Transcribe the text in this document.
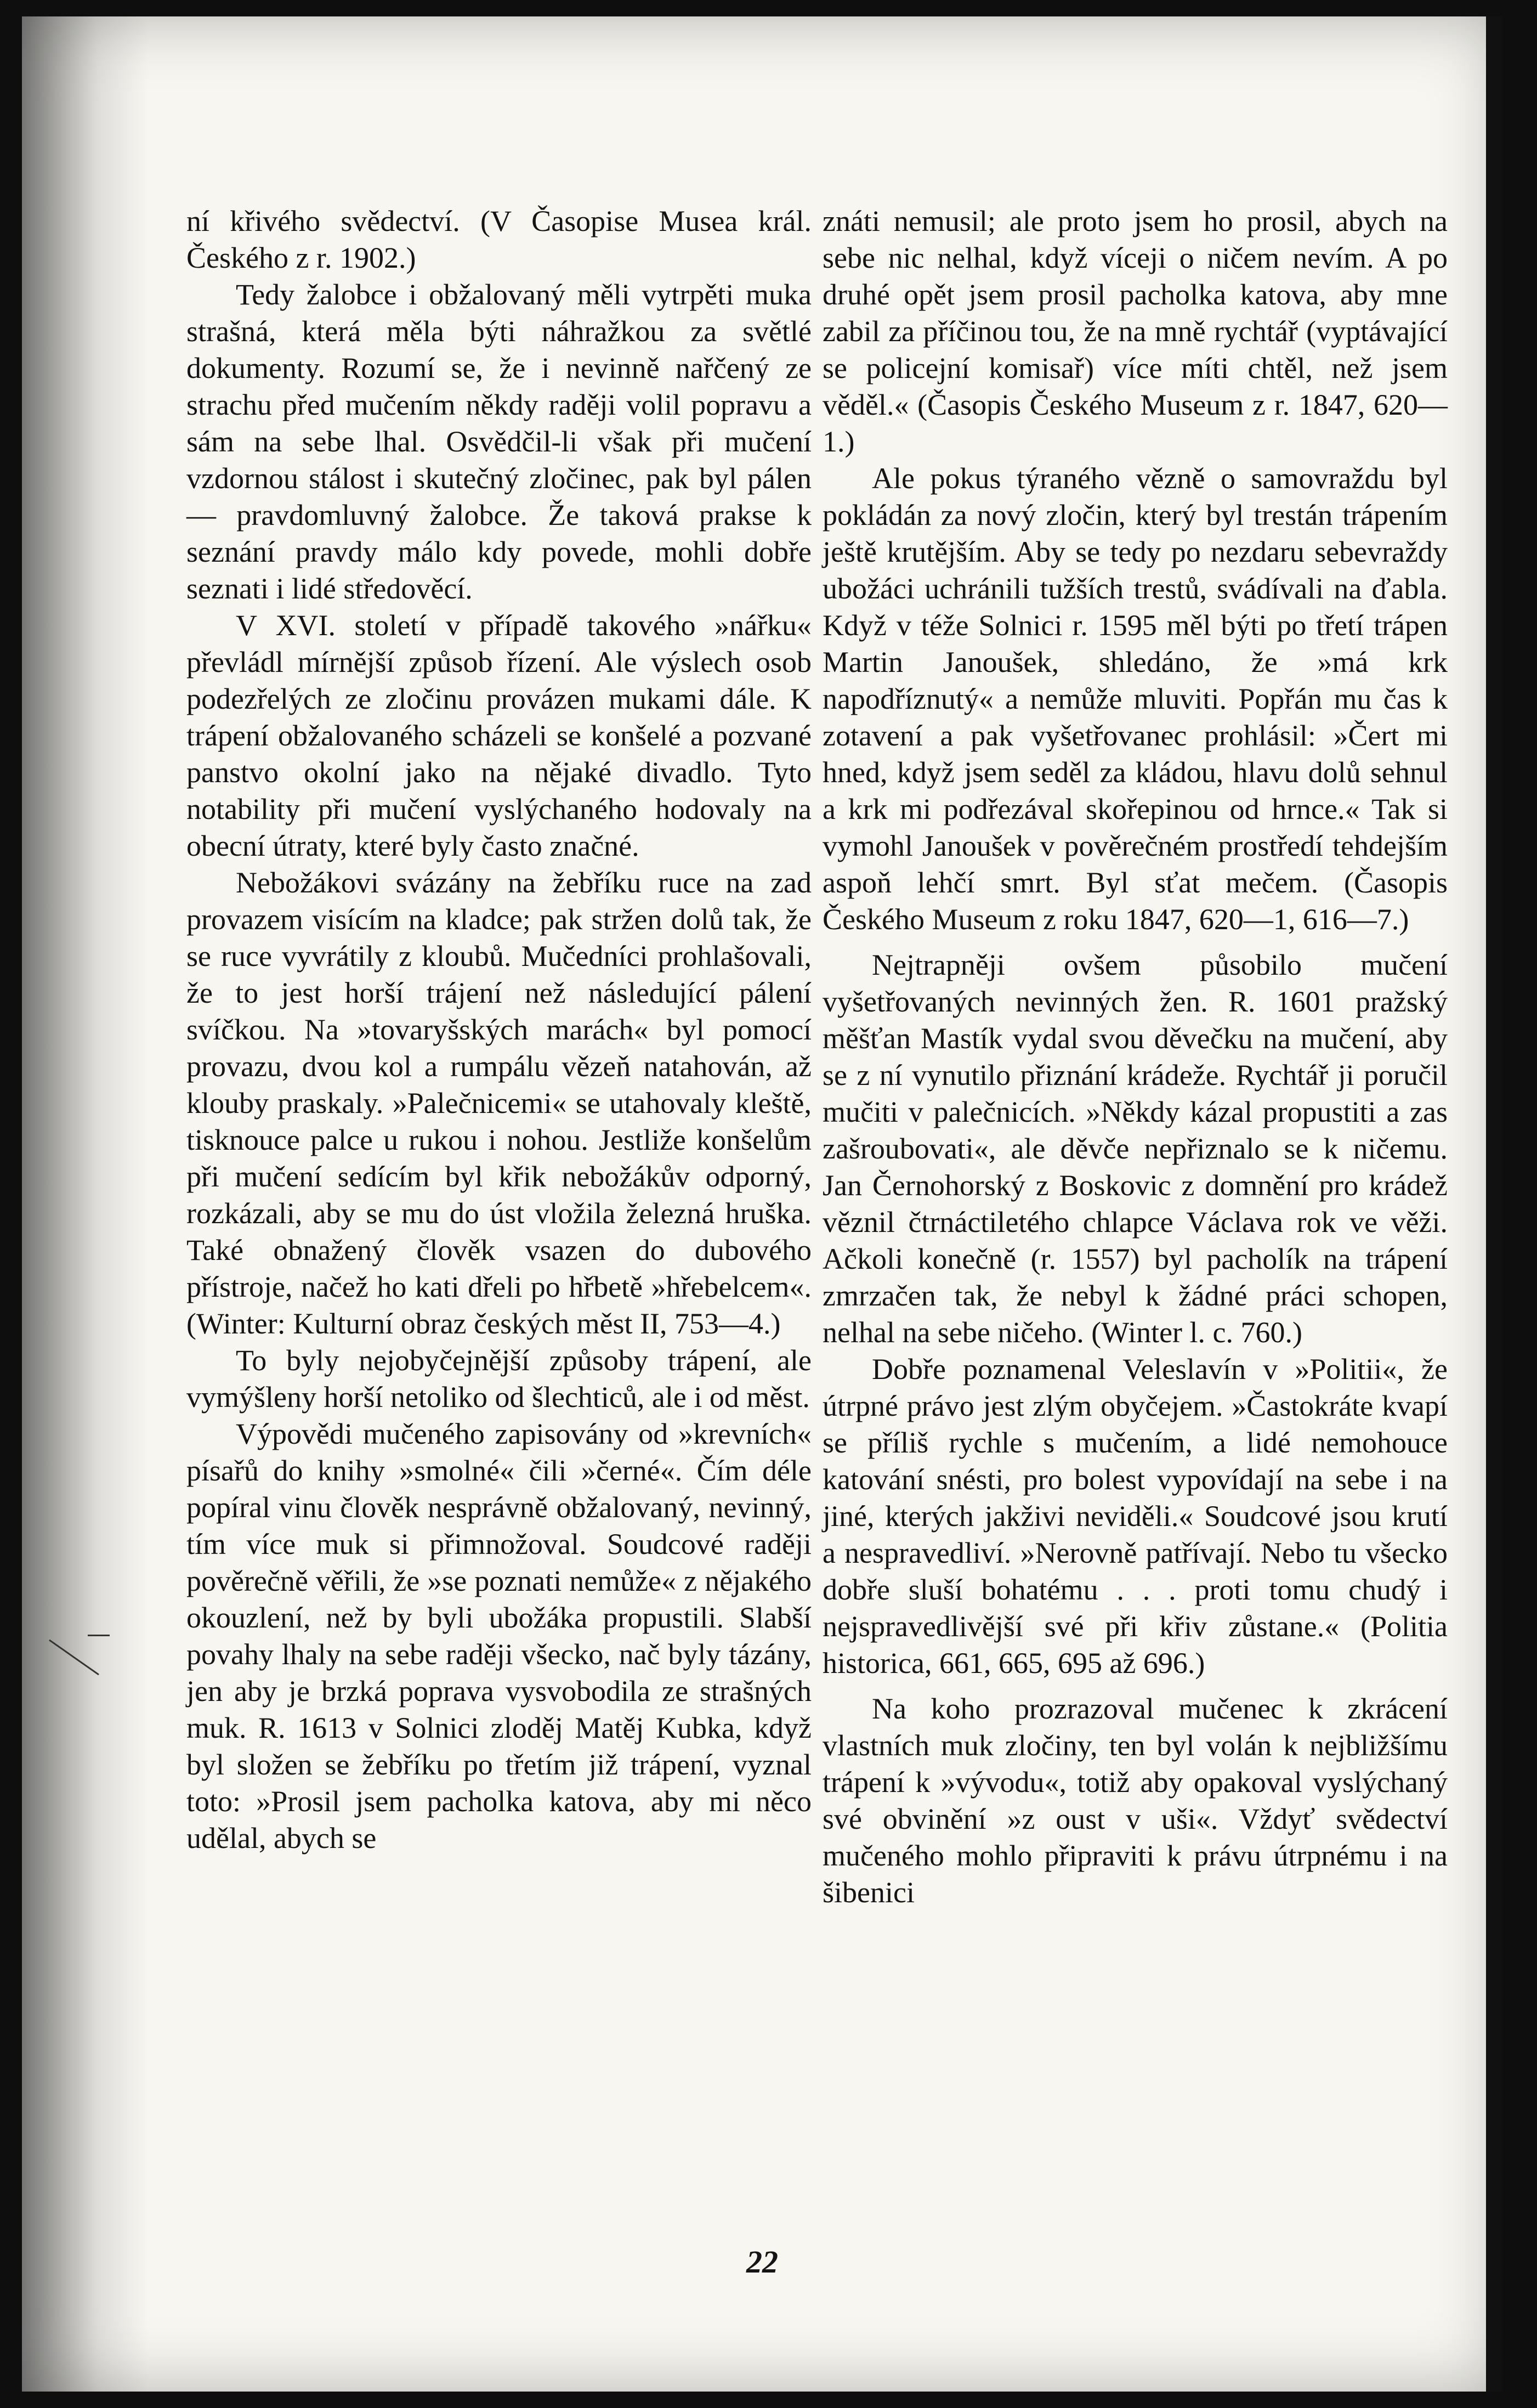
ní křivého svědectví. (V Časopise Musea král. Českého z r. 1902.)

Tedy žalobce i obžalovaný měli vytrpěti muka strašná, která měla býti náhražkou za světlé dokumenty. Rozumí se, že i nevinně nařčený ze strachu před mučením někdy raději volil popravu a sám na sebe lhal. Osvědčil-li však při mučení vzdornou stálost i skutečný zločinec, pak byl pálen — pravdomluvný žalobce. Že taková prakse k seznání pravdy málo kdy povede, mohli dobře seznati i lidé středověcí.

V XVI. století v případě takového »nářku« převládl mírnější způsob řízení. Ale výslech osob podezřelých ze zločinu provázen mukami dále. K trápení obžalovaného scházeli se konšelé a pozvané panstvo okolní jako na nějaké divadlo. Tyto notability při mučení vyslýchaného hodovaly na obecní útraty, které byly často značné.

Nebožákovi svázány na žebříku ruce na zad provazem visícím na kladce; pak stržen dolů tak, že se ruce vyvrátily z kloubů. Mučedníci prohlašovali, že to jest horší trájení než následující pálení svíčkou. Na »tovaryšských marách« byl pomocí provazu, dvou kol a rumpálu vězeň natahován, až klouby praskaly. »Palečnicemi« se utahovaly kleště, tisknouce palce u rukou i nohou. Jestliže konšelům při mučení sedícím byl křik nebožákův odporný, rozkázali, aby se mu do úst vložila železná hruška. Také obnažený člověk vsazen do dubového přístroje, načež ho kati dřeli po hřbetě »hřebelcem«. (Winter: Kulturní obraz českých měst II, 753—4.)

To byly nejobyčejnější způsoby trápení, ale vymýšleny horší netoliko od šlechticů, ale i od měst.

Výpovědi mučeného zapisovány od »krevních« písařů do knihy »smolné« čili »černé«. Čím déle popíral vinu člověk nesprávně obžalovaný, nevinný, tím více muk si přimnožoval. Soudcové raději pověrečně věřili, že »se poznati nemůže« z nějakého okouzlení, než by byli ubožáka propustili. Slabší povahy lhaly na sebe raději všecko, nač byly tázány, jen aby je brzká poprava vysvobodila ze strašných muk. R. 1613 v Solnici zloděj Matěj Kubka, když byl složen se žebříku po třetím již trápení, vyznal toto: »Prosil jsem pacholka katova, aby mi něco udělal, abych se

znáti nemusil; ale proto jsem ho prosil, abych na sebe nic nelhal, když víceji o ničem nevím. A po druhé opět jsem prosil pacholka katova, aby mne zabil za příčinou tou, že na mně rychtář (vyptávající se policejní komisař) více míti chtěl, než jsem věděl.« (Časopis Českého Museum z r. 1847, 620—1.)

Ale pokus týraného vězně o samovraždu byl pokládán za nový zločin, který byl trestán trápením ještě krutějším. Aby se tedy po nezdaru sebevraždy ubožáci uchránili tužších trestů, svádívali na ďabla. Když v téže Solnici r. 1595 měl býti po třetí trápen Martin Janoušek, shledáno, že »má krk napodříznutý« a nemůže mluviti. Popřán mu čas k zotavení a pak vyšetřovanec prohlásil: »Čert mi hned, když jsem seděl za kládou, hlavu dolů sehnul a krk mi podřezával skořepinou od hrnce.« Tak si vymohl Janoušek v pověrečném prostředí tehdejším aspoň lehčí smrt. Byl sťat mečem. (Časopis Českého Museum z roku 1847, 620—1, 616—7.)

Nejtrapněji ovšem působilo mučení vyšetřovaných nevinných žen. R. 1601 pražský měšťan Mastík vydal svou děvečku na mučení, aby se z ní vynutilo přiznání krádeže. Rychtář ji poručil mučiti v palečnicích. »Někdy kázal propustiti a zas zašroubovati«, ale děvče nepřiznalo se k ničemu. Jan Černohorský z Boskovic z domnění pro krádež věznil čtrnáctiletého chlapce Václava rok ve věži. Ačkoli konečně (r. 1557) byl pacholík na trápení zmrzačen tak, že nebyl k žádné práci schopen, nelhal na sebe ničeho. (Winter l. c. 760.)

Dobře poznamenal Veleslavín v »Politii«, že útrpné právo jest zlým obyčejem. »Častokráte kvapí se příliš rychle s mučením, a lidé nemohouce katování snésti, pro bolest vypovídají na sebe i na jiné, kterých jakživi neviděli.« Soudcové jsou krutí a nespravedliví. »Nerovně patřívají. Nebo tu všecko dobře sluší bohatému . . . proti tomu chudý i nejspravedlivější své při křiv zůstane.« (Politia historica, 661, 665, 695 až 696.)

Na koho prozrazoval mučenec k zkrácení vlastních muk zločiny, ten byl volán k nejbližšímu trápení k »vývodu«, totiž aby opakoval vyslýchaný své obvinění »z oust v uši«. Vždyť svědectví mučeného mohlo připraviti k právu útrpnému i na šibenici

22
